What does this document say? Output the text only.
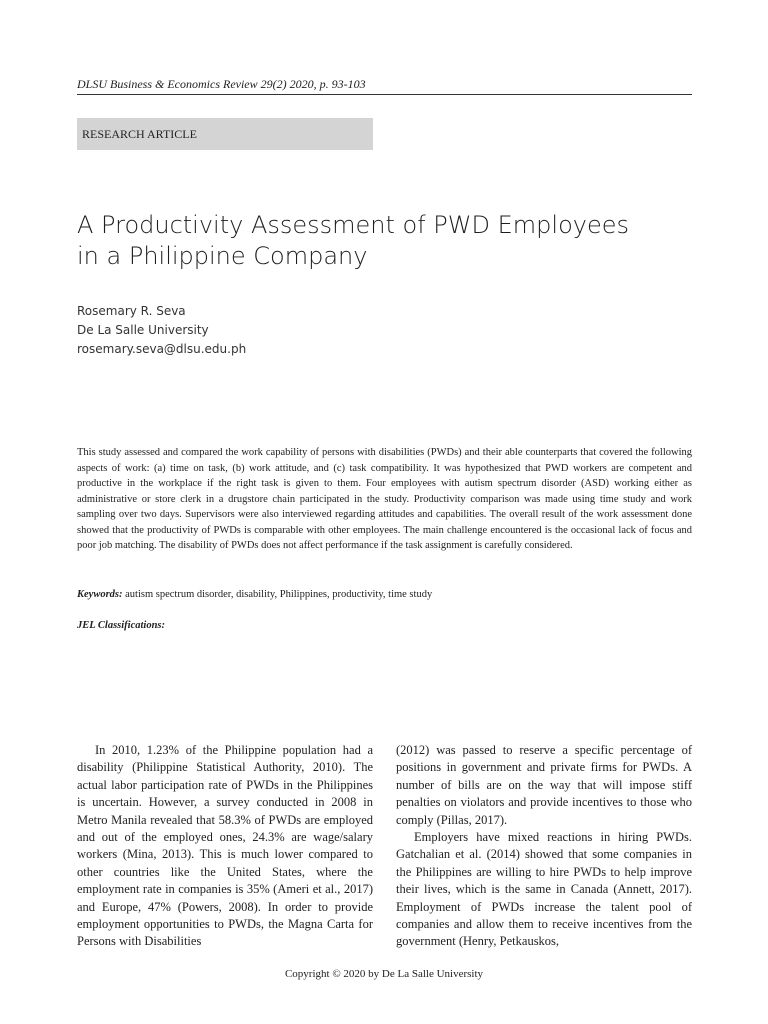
DLSU Business & Economics Review 29(2) 2020, p. 93-103
RESEARCH ARTICLE
A Productivity Assessment of PWD Employees
in a Philippine Company
Rosemary R. Seva
De La Salle University
rosemary.seva@dlsu.edu.ph
This study assessed and compared the work capability of persons with disabilities (PWDs) and their able counterparts that covered the following aspects of work: (a) time on task, (b) work attitude, and (c) task compatibility. It was hypothesized that PWD workers are competent and productive in the workplace if the right task is given to them. Four employees with autism spectrum disorder (ASD) working either as administrative or store clerk in a drugstore chain participated in the study. Productivity comparison was made using time study and work sampling over two days. Supervisors were also interviewed regarding attitudes and capabilities. The overall result of the work assessment done showed that the productivity of PWDs is comparable with other employees. The main challenge encountered is the occasional lack of focus and poor job matching. The disability of PWDs does not affect performance if the task assignment is carefully considered.
Keywords: autism spectrum disorder, disability, Philippines, productivity, time study
JEL Classifications:

In 2010, 1.23% of the Philippine population had a disability (Philippine Statistical Authority, 2010). The actual labor participation rate of PWDs in the Philippines is uncertain. However, a survey conducted in 2008 in Metro Manila revealed that 58.3% of PWDs are employed and out of the employed ones, 24.3% are wage/salary workers (Mina, 2013). This is much lower compared to other countries like the United States, where the employment rate in companies is 35% (Ameri et al., 2017) and Europe, 47% (Powers, 2008). In order to provide employment opportunities to PWDs, the Magna Carta for Persons with Disabilities

(2012) was passed to reserve a specific percentage of positions in government and private firms for PWDs. A number of bills are on the way that will impose stiff penalties on violators and provide incentives to those who comply (Pillas, 2017).

Employers have mixed reactions in hiring PWDs. Gatchalian et al. (2014) showed that some companies in the Philippines are willing to hire PWDs to help improve their lives, which is the same in Canada (Annett, 2017). Employment of PWDs increase the talent pool of companies and allow them to receive incentives from the government (Henry, Petkauskos,

Copyright © 2020 by De La Salle University
